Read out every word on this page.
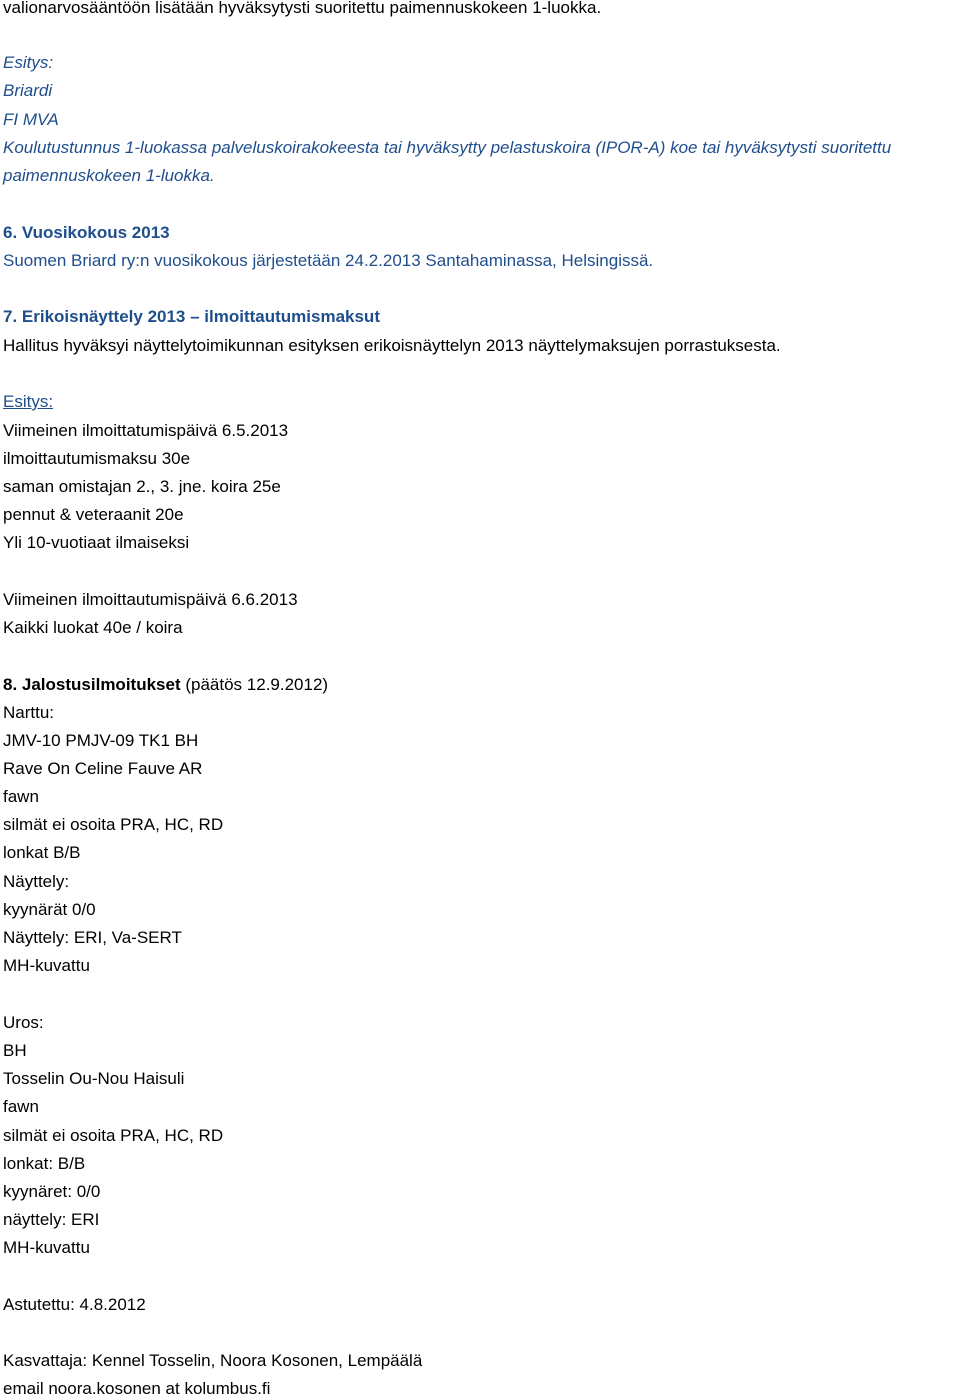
valionarvosääntöön lisätään hyväksytysti suoritettu paimennuskokeen 1-luokka.
Esitys:
Briardi
FI MVA
Koulutustunnus 1-luokassa palveluskoirakokeesta tai hyväksytty pelastuskoira (IPOR-A) koe tai hyväksytysti suoritettu
paimennuskokeen 1-luokka.
6. Vuosikokous 2013
Suomen Briard ry:n vuosikokous järjestetään 24.2.2013 Santahaminassa, Helsingissä.
7. Erikoisnäyttely 2013 – ilmoittautumismaksut
Hallitus hyväksyi näyttelytoimikunnan esityksen erikoisnäyttelyn 2013 näyttelymaksujen porrastuksesta.
Esitys:
Viimeinen ilmoittatumispäivä 6.5.2013
ilmoittautumismaksu 30e
saman omistajan 2., 3. jne. koira 25e
pennut & veteraanit 20e
Yli 10-vuotiaat ilmaiseksi
Viimeinen ilmoittautumispäivä 6.6.2013
Kaikki luokat 40e / koira
8. Jalostusilmoitukset (päätös 12.9.2012)
Narttu:
JMV-10 PMJV-09 TK1 BH
Rave On Celine Fauve AR
fawn
silmät ei osoita PRA, HC, RD
lonkat B/B
Näyttely:
kyynärät 0/0
Näyttely: ERI, Va-SERT
MH-kuvattu
Uros:
BH
Tosselin Ou-Nou Haisuli
fawn
silmät ei osoita PRA, HC, RD
lonkat: B/B
kyynäret: 0/0
näyttely: ERI
MH-kuvattu
Astutettu: 4.8.2012
Kasvattaja: Kennel Tosselin, Noora Kosonen, Lempäälä
email noora.kosonen at kolumbus.fi
